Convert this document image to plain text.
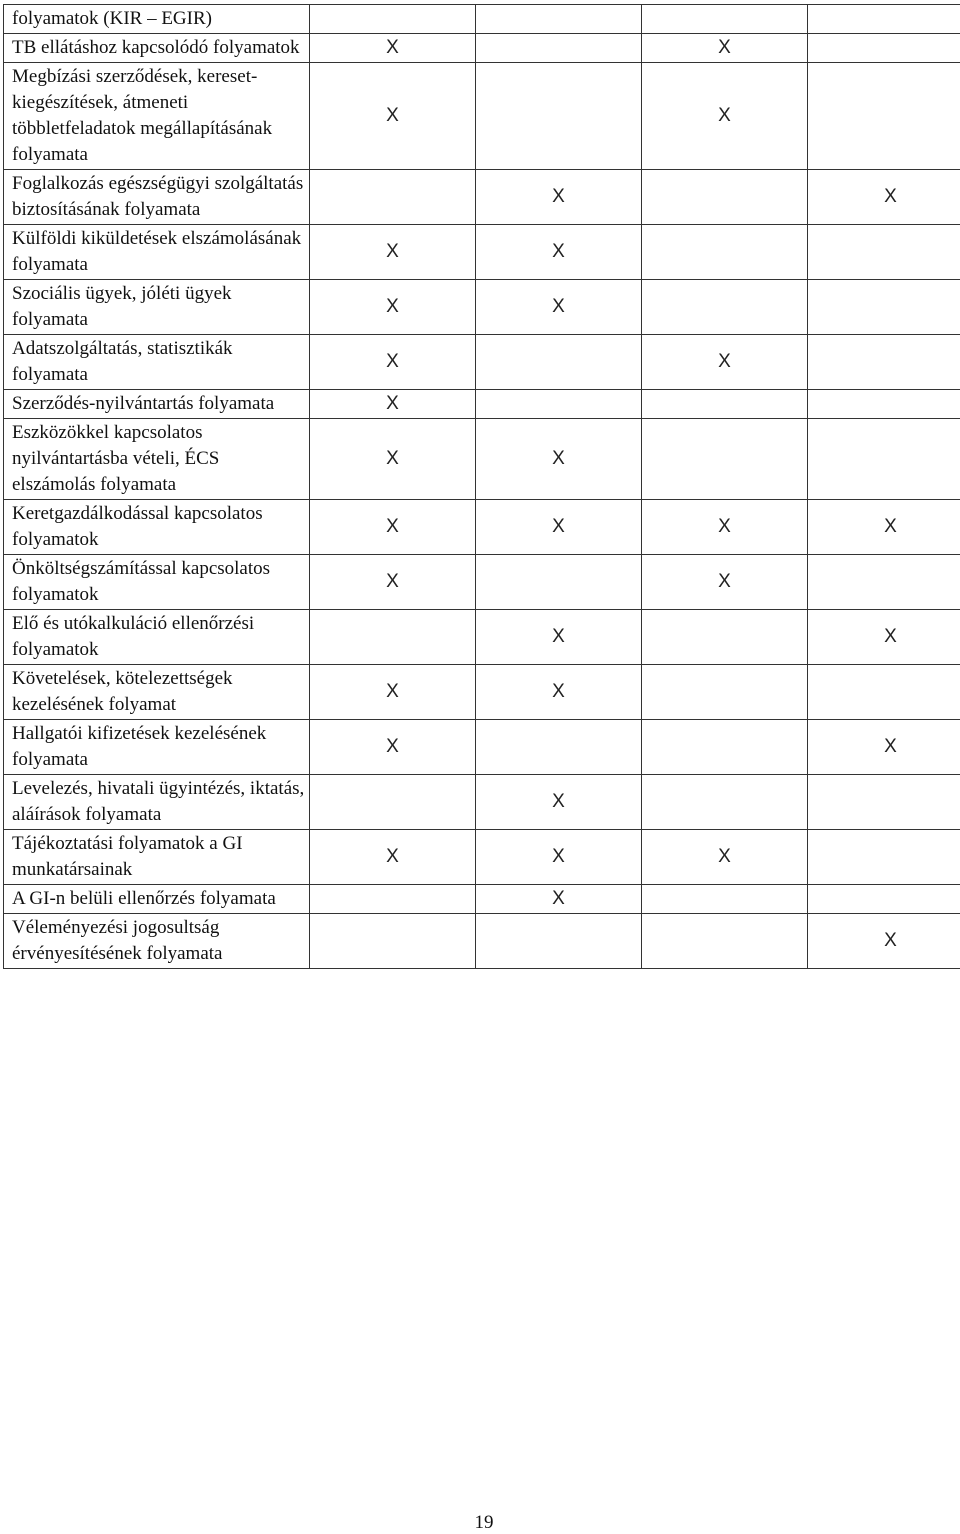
folyamatok (KIR – EGIR)				
TB ellátáshoz kapcsolódó folyamatok	X		X	
Megbízási szerződések, kereset-kiegészítések, átmeneti többletfeladatok megállapításának folyamata	X		X	
Foglalkozás egészségügyi szolgáltatás biztosításának folyamata		X		X
Külföldi kiküldetések elszámolásának folyamata	X	X		
Szociális ügyek, jóléti ügyek folyamata	X	X		
Adatszolgáltatás, statisztikák folyamata	X		X	
Szerződés-nyilvántartás folyamata	X			
Eszközökkel kapcsolatos nyilvántartásba vételi, ÉCS elszámolás folyamata	X	X		
Keretgazdálkodással kapcsolatos folyamatok	X	X	X	X
Önköltségszámítással kapcsolatos folyamatok	X		X	
Elő és utókalkuláció ellenőrzési folyamatok		X		X
Követelések, kötelezettségek kezelésének folyamat	X	X		
Hallgatói kifizetések kezelésének folyamata	X			X
Levelezés, hivatali ügyintézés, iktatás, aláírások folyamata		X		
Tájékoztatási folyamatok a GI munkatársainak	X	X	X	
A GI-n belüli ellenőrzés folyamata		X		
Véleményezési jogosultság érvényesítésének folyamata				X
19
